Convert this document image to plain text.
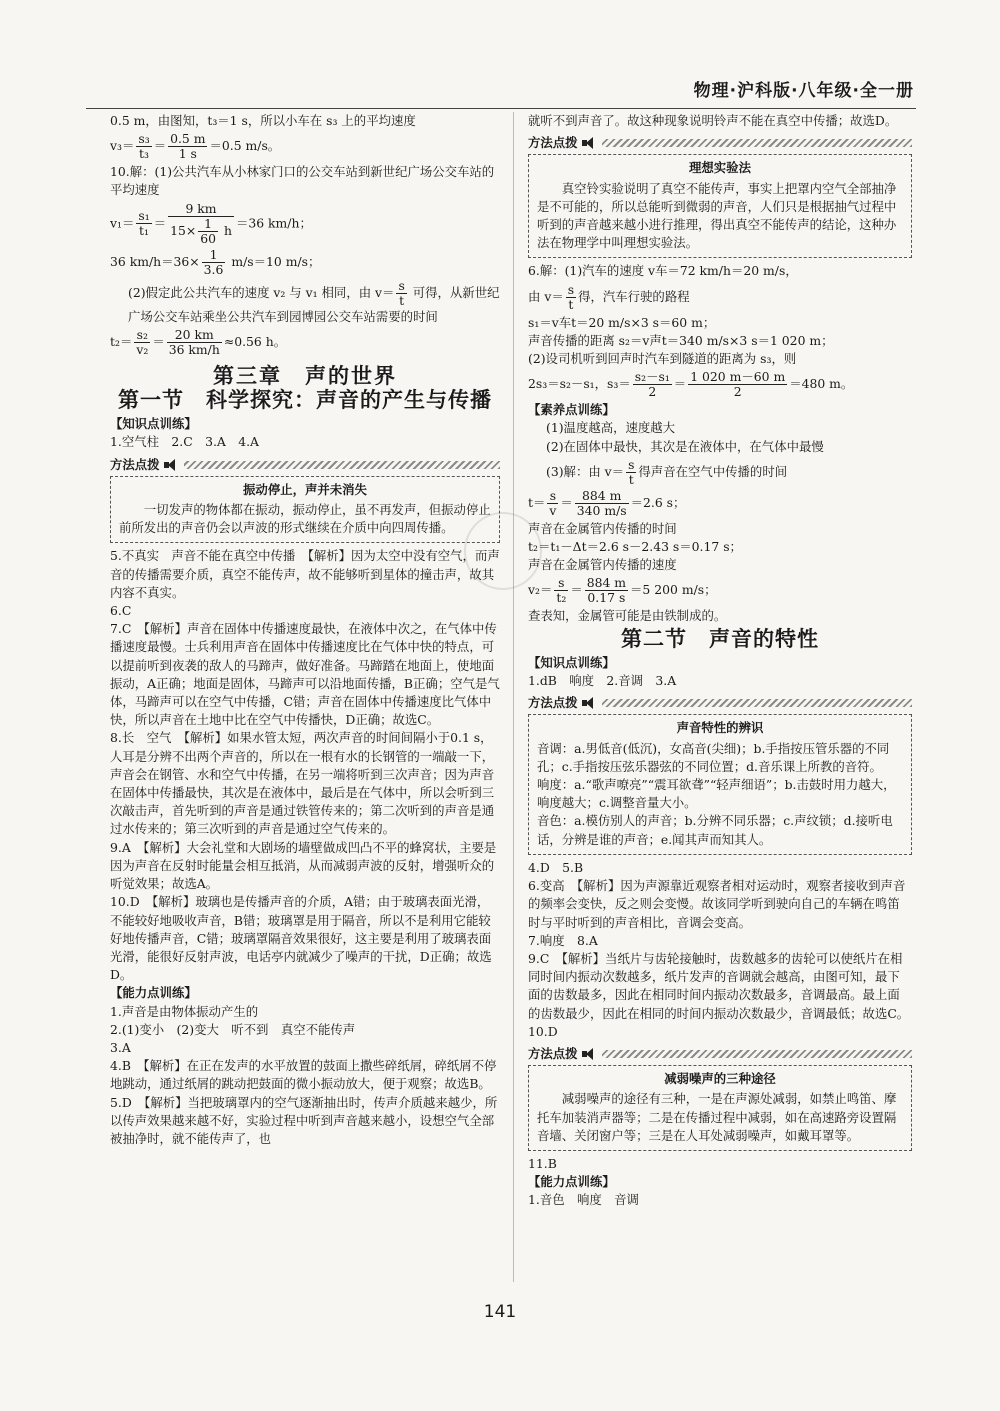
物理·沪科版·八年级·全一册

0.5 m，由图知，t₃＝1 s，所以小车在 s₃ 上的平均速度

$v_3= \frac{\text{s₃}}{\text{t₃}} = \frac{0.5 m}{1 s} =0.5$ m/s。

10.解：(1)公共汽车从小林家门口的公交车站到新世纪广场公交车站的平均速度

$v_1= \frac{\text{s₁}}{\text{t₁}} = \frac{9 km}{15\times \frac{1}{60} h} =36$ km/h；

36 $km/h=36\times \frac{1}{3.6} m/s=10$ m/s；

(2)假定此公共汽车的速度 v₂ 与 v₁ 相同，由 $v= \frac{s}{t}$ 可得，从新世纪广场公交车站乘坐公共汽车到园博园公交车站需要的时间

$t_2= \frac{\text{s₂}}{\text{v₂}} = \frac{20 km}{36 km/h} \approx 0.56$ h。

第三章　声的世界
第一节　科学探究：声音的产生与传播

【知识点训练】

1.空气柱　2.C　3.A　4.A

方法点拨
振动停止，声并未消失

一切发声的物体都在振动，振动停止，虽不再发声，但振动停止前所发出的声音仍会以声波的形式继续在介质中向四周传播。

5.不真实　声音不能在真空中传播　【解析】因为太空中没有空气，而声音的传播需要介质，真空不能传声，故不能够听到星体的撞击声，故其内容不真实。

6.C

7.C　【解析】声音在固体中传播速度最快，在液体中次之，在气体中传播速度最慢。士兵利用声音在固体中传播速度比在气体中快的特点，可以提前听到夜袭的敌人的马蹄声，做好准备。马蹄踏在地面上，使地面振动，A正确；地面是固体，马蹄声可以沿地面传播，B正确；空气是气体，马蹄声可以在空气中传播，C错；声音在固体中传播速度比气体中快，所以声音在土地中比在空气中传播快，D正确；故选C。

8.长　空气　【解析】如果水管太短，两次声音的时间间隔小于0.1 s，人耳是分辨不出两个声音的，所以在一根有水的长钢管的一端敲一下，声音会在钢管、水和空气中传播，在另一端将听到三次声音；因为声音在固体中传播最快，其次是在液体中，最后是在气体中，所以会听到三次敲击声，首先听到的声音是通过铁管传来的；第二次听到的声音是通过水传来的；第三次听到的声音是通过空气传来的。

9.A　【解析】大会礼堂和大剧场的墙壁做成凹凸不平的蜂窝状，主要是因为声音在反射时能量会相互抵消，从而减弱声波的反射，增强听众的听觉效果；故选A。

10.D　【解析】玻璃也是传播声音的介质，A错；由于玻璃表面光滑，不能较好地吸收声音，B错；玻璃罩是用于隔音，所以不是利用它能较好地传播声音，C错；玻璃罩隔音效果很好，这主要是利用了玻璃表面光滑，能很好反射声波，电话亭内就减少了噪声的干扰，D正确；故选D。

【能力点训练】

1.声音是由物体振动产生的

2.(1)变小　(2)变大　听不到　真空不能传声

3.A

4.B　【解析】在正在发声的水平放置的鼓面上撒些碎纸屑，碎纸屑不停地跳动，通过纸屑的跳动把鼓面的微小振动放大，便于观察；故选B。

5.D　【解析】当把玻璃罩内的空气逐渐抽出时，传声介质越来越少，所以传声效果越来越不好，实验过程中听到声音越来越小，设想空气全部被抽净时，就不能传声了，也

就听不到声音了。故这种现象说明铃声不能在真空中传播；故选D。

方法点拨
理想实验法

真空铃实验说明了真空不能传声，事实上把罩内空气全部抽净是不可能的，所以总能听到微弱的声音，人们只是根据抽气过程中听到的声音越来越小进行推理，得出真空不能传声的结论，这种办法在物理学中叫理想实验法。

6.解：(1)汽车的速度 v车＝72 km/h＝20 m/s，

由 $v= \frac{s}{t}$ 得，汽车行驶的路程

s₁＝v车t＝20 m/s×3 s＝60 m；

声音传播的距离 s₂＝v声t＝340 m/s×3 s＝1 020 m；

(2)设司机听到回声时汽车到隧道的距离为 s₃，则

2s₃＝s₂－s₁，$s_3= \frac{\text{s₂－s₁}}{2} = \frac{1 020 m-60 m}{2} =480$ m。

【素养点训练】

(1)温度越高，速度越大

(2)在固体中最快，其次是在液体中，在气体中最慢

(3)解：由 $v= \frac{s}{t}$ 得声音在空气中传播的时间

$t= \frac{s}{v} = \frac{884 m}{340 m/s} =2.6$ s；

声音在金属管内传播的时间

t₂＝t₁－Δt＝2.6 s－2.43 s＝0.17 s；

声音在金属管内传播的速度

$v_2= \frac{s}{\text{t₂}} = \frac{884 m}{0.17 s} =5$ 200 m/s；

查表知，金属管可能是由铁制成的。

第二节　声音的特性

【知识点训练】

1.dB　响度　2.音调　3.A

方法点拨
声音特性的辨识

音调：a.男低音(低沉)，女高音(尖细)；b.手指按压管乐器的不同孔；c.手指按压弦乐器弦的不同位置；d.音乐课上所教的音符。

响度：a.“歌声嘹亮”“震耳欲聋”“轻声细语”；b.击鼓时用力越大，响度越大；c.调整音量大小。

音色：a.模仿别人的声音；b.分辨不同乐器；c.声纹锁；d.接听电话，分辨是谁的声音；e.闻其声而知其人。

4.D　5.B

6.变高　【解析】因为声源靠近观察者相对运动时，观察者接收到声音的频率会变快，反之则会变慢。故该同学听到驶向自己的车辆在鸣笛时与平时听到的声音相比，音调会变高。

7.响度　8.A

9.C　【解析】当纸片与齿轮接触时，齿数越多的齿轮可以使纸片在相同时间内振动次数越多，纸片发声的音调就会越高，由图可知，最下面的齿数最多，因此在相同时间内振动次数最多，音调最高。最上面的齿数最少，因此在相同的时间内振动次数最少，音调最低；故选C。

10.D

方法点拨
减弱噪声的三种途径

减弱噪声的途径有三种，一是在声源处减弱，如禁止鸣笛、摩托车加装消声器等；二是在传播过程中减弱，如在高速路旁设置隔音墙、关闭窗户等；三是在人耳处减弱噪声，如戴耳罩等。

11.B

【能力点训练】

1.音色　响度　音调

141
